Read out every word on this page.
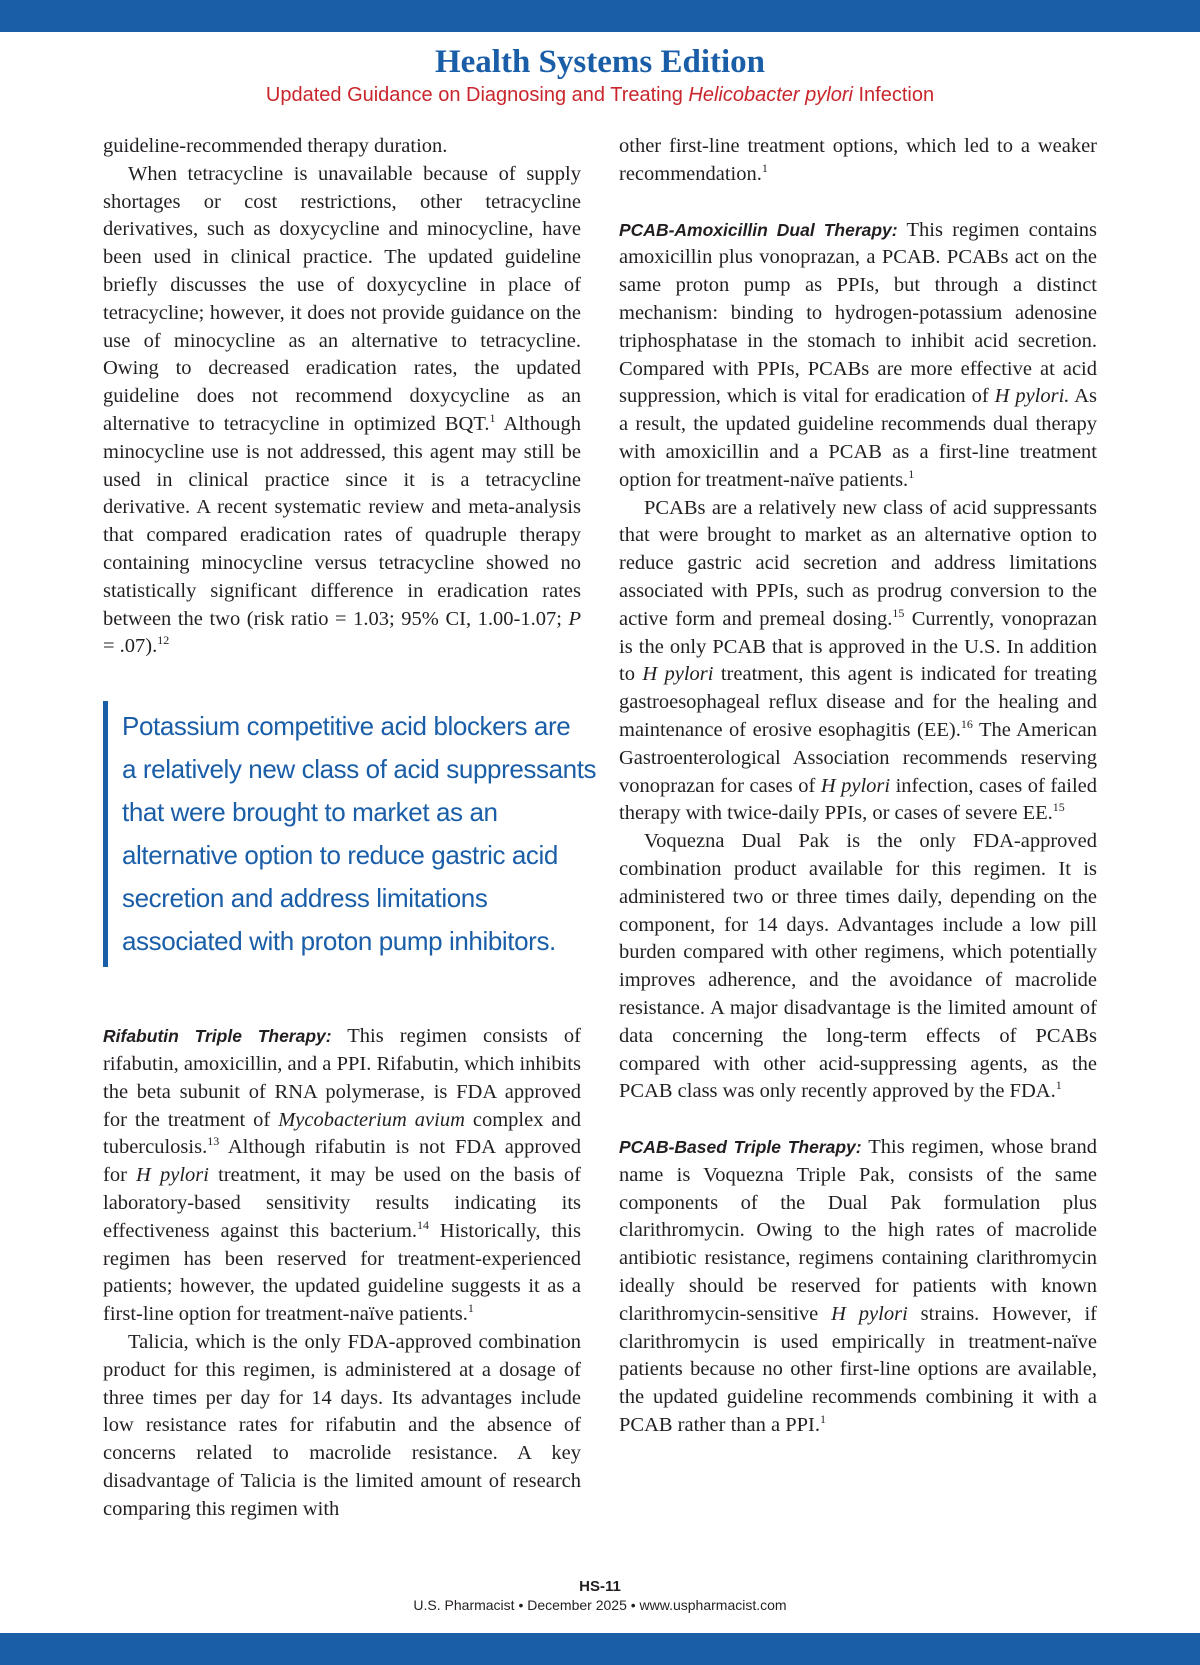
Health Systems Edition
Updated Guidance on Diagnosing and Treating Helicobacter pylori Infection

guideline-recommended therapy duration.

When tetracycline is unavailable because of supply shortages or cost restrictions, other tetracycline derivatives, such as doxycycline and minocycline, have been used in clinical practice. The updated guideline briefly discusses the use of doxycycline in place of tetracycline; however, it does not provide guidance on the use of minocycline as an alternative to tetracycline. Owing to decreased eradication rates, the updated guideline does not recommend doxycycline as an alternative to tetracycline in optimized BQT.$^1$ Although minocycline use is not addressed, this agent may still be used in clinical practice since it is a tetracycline derivative. A recent systematic review and meta-analysis that compared eradication rates of quadruple therapy containing minocycline versus tetracycline showed no statistically significant difference in eradication rates between the two (risk ratio = 1.03; 95% CI, 1.00-1.07; P = .07).$^{12}$

Potassium competitive acid blockers are
a relatively new class of acid suppressants
that were brought to market as an
alternative option to reduce gastric acid
secretion and address limitations
associated with proton pump inhibitors.

Rifabutin Triple Therapy: This regimen consists of rifabutin, amoxicillin, and a PPI. Rifabutin, which inhibits the beta subunit of RNA polymerase, is FDA approved for the treatment of Mycobacterium avium complex and tuberculosis.$^{13}$ Although rifabutin is not FDA approved for H pylori treatment, it may be used on the basis of laboratory-based sensitivity results indicating its effectiveness against this bacterium.$^{14}$ Historically, this regimen has been reserved for treatment-experienced patients; however, the updated guideline suggests it as a first-line option for treatment-naïve patients.$^1$

Talicia, which is the only FDA-approved combination product for this regimen, is administered at a dosage of three times per day for 14 days. Its advantages include low resistance rates for rifabutin and the absence of concerns related to macrolide resistance. A key disadvantage of Talicia is the limited amount of research comparing this regimen with

other first-line treatment options, which led to a weaker recommendation.$^1$

PCAB-Amoxicillin Dual Therapy: This regimen contains amoxicillin plus vonoprazan, a PCAB. PCABs act on the same proton pump as PPIs, but through a distinct mechanism: binding to hydrogen-potassium adenosine triphosphatase in the stomach to inhibit acid secretion. Compared with PPIs, PCABs are more effective at acid suppression, which is vital for eradication of H pylori. As a result, the updated guideline recommends dual therapy with amoxicillin and a PCAB as a first-line treatment option for treatment-naïve patients.$^1$

PCABs are a relatively new class of acid suppressants that were brought to market as an alternative option to reduce gastric acid secretion and address limitations associated with PPIs, such as prodrug conversion to the active form and premeal dosing.$^{15}$ Currently, vonoprazan is the only PCAB that is approved in the U.S. In addition to H pylori treatment, this agent is indicated for treating gastroesophageal reflux disease and for the healing and maintenance of erosive esophagitis (EE).$^{16}$ The American Gastroenterological Association recommends reserving vonoprazan for cases of H pylori infection, cases of failed therapy with twice-daily PPIs, or cases of severe EE.$^{15}$

Voquezna Dual Pak is the only FDA-approved combination product available for this regimen. It is administered two or three times daily, depending on the component, for 14 days. Advantages include a low pill burden compared with other regimens, which potentially improves adherence, and the avoidance of macrolide resistance. A major disadvantage is the limited amount of data concerning the long-term effects of PCABs compared with other acid-suppressing agents, as the PCAB class was only recently approved by the FDA.$^1$

PCAB-Based Triple Therapy: This regimen, whose brand name is Voquezna Triple Pak, consists of the same components of the Dual Pak formulation plus clarithromycin. Owing to the high rates of macrolide antibiotic resistance, regimens containing clarithromycin ideally should be reserved for patients with known clarithromycin-sensitive H pylori strains. However, if clarithromycin is used empirically in treatment-naïve patients because no other first-line options are available, the updated guideline recommends combining it with a PCAB rather than a PPI.$^1$

HS-11
U.S. Pharmacist • December 2025 • www.uspharmacist.com
